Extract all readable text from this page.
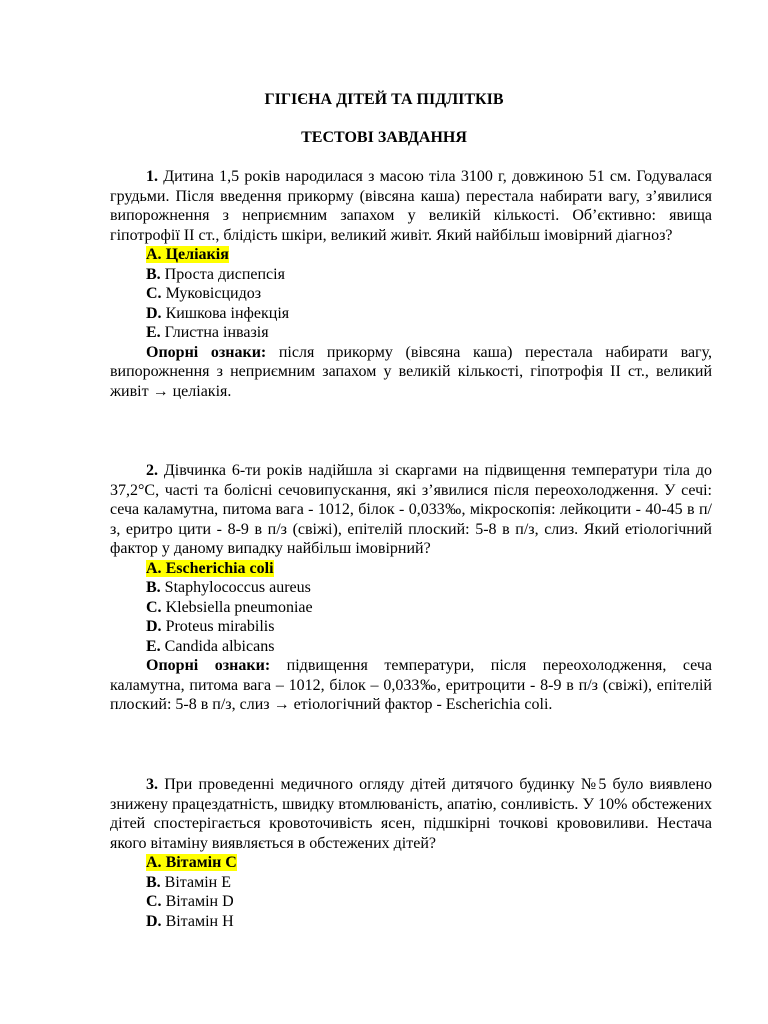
ГІГІЄНА ДІТЕЙ ТА ПІДЛІТКІВ
ТЕСТОВІ ЗАВДАННЯ

1. Дитина 1,5 років народилася з масою тіла 3100 г, довжиною 51 см. Годувалася грудьми. Після введення прикорму (вівсяна каша) перестала набирати вагу, з’явилися випорожнення з неприємним запахом у великій кількості. Об’єктивно: явища гіпотрофії ІІ ст., блідість шкіри, великий живіт. Який найбільш імовірний діагноз?

A. Целіакія

B. Проста диспепсія

C. Муковісцидоз

D. Кишкова інфекція

E. Глистна інвазія

Опорні ознаки: після прикорму (вівсяна каша) перестала набирати вагу, випорожнення з неприємним запахом у великій кількості, гіпотрофія ІІ ст., великий живіт → целіакія.

2. Дівчинка 6-ти років надійшла зі скаргами на підвищення температури тіла до 37,2°С, часті та болісні сечовипускання, які з’явилися після переохолодження. У сечі: сеча каламутна, питома вага - 1012, білок - 0,033‰, мікроскопія: лейкоцити - 40-45 в п/з, еритро цити - 8-9 в п/з (свіжі), епітелій плоский: 5-8 в п/з, слиз. Який етіологічний фактор у даному випадку найбільш імовірний?

A. Escherichia coli

B. Staphylococcus aureus

C. Klebsiella pneumoniae

D. Proteus mirabilis

E. Candida albicans

Опорні ознаки: підвищення температури, після переохолодження, сеча каламутна, питома вага – 1012, білок – 0,033‰, еритроцити - 8-9 в п/з (свіжі), епітелій плоский: 5-8 в п/з, слиз → етіологічний фактор - Escherichia coli.

3. При проведенні медичного огляду дітей дитячого будинку №5 було виявлено знижену працездатність, швидку втомлюваність, апатію, сонливість. У 10% обстежених дітей спостерігається кровоточивість ясен, підшкірні точкові крововиливи. Нестача якого вітаміну виявляється в обстежених дітей?

A. Вітамін С

B. Вітамін Е

C. Вітамін D

D. Вітамін Н
